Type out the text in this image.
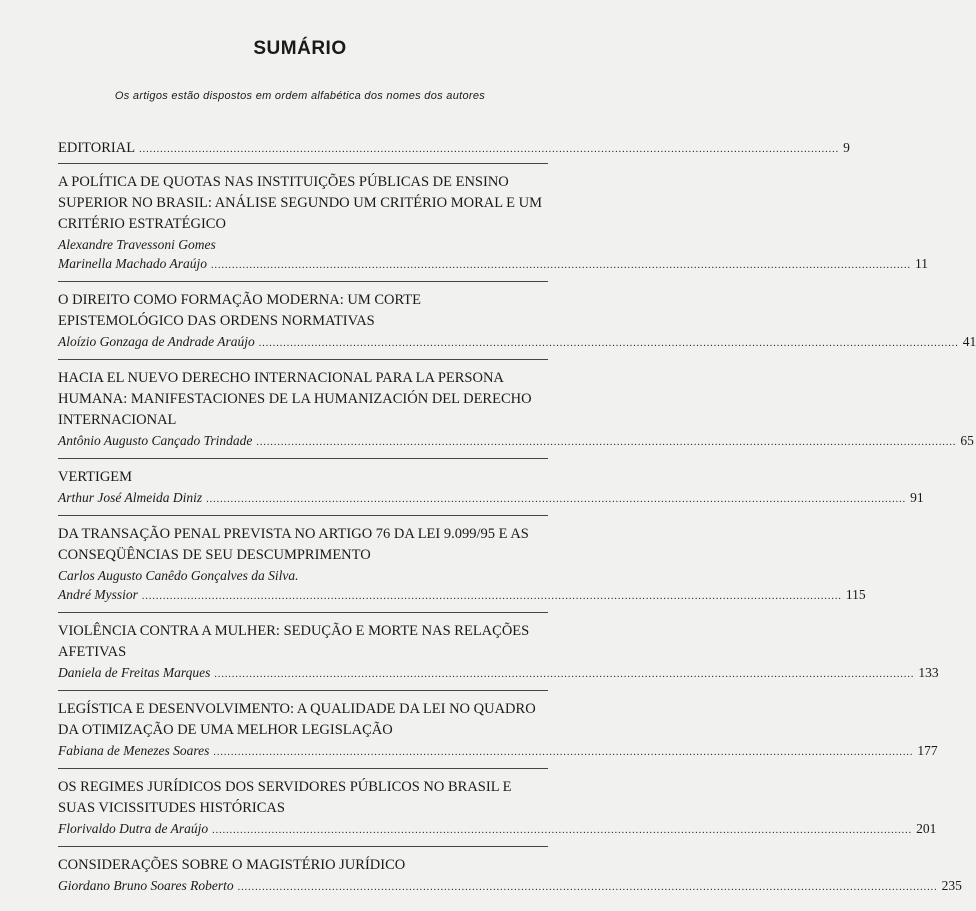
SUMÁRIO
Os artigos estão dispostos em ordem alfabética dos nomes dos autores
EDITORIAL ........................................................................................................................................................................................................ 9
A POLÍTICA DE QUOTAS NAS INSTITUIÇÕES PÚBLICAS DE ENSINO SUPERIOR NO BRASIL: ANÁLISE SEGUNDO UM CRITÉRIO MORAL E UM CRITÉRIO ESTRATÉGICO
Alexandre Travessoni Gomes
Marinella Machado Araújo ........................................................................................................................................................................................................ 11
O DIREITO COMO FORMAÇÃO MODERNA: UM CORTE EPISTEMOLÓGICO DAS ORDENS NORMATIVAS
Aloízio Gonzaga de Andrade Araújo ........................................................................................................................................................................................................ 41
HACIA EL NUEVO DERECHO INTERNACIONAL PARA LA PERSONA HUMANA: MANIFESTACIONES DE LA HUMANIZACIÓN DEL DERECHO INTERNACIONAL
Antônio Augusto Cançado Trindade ........................................................................................................................................................................................................ 65
VERTIGEM
Arthur José Almeida Diniz ........................................................................................................................................................................................................ 91
DA TRANSAÇÃO PENAL PREVISTA NO ARTIGO 76 DA LEI 9.099/95 E AS CONSEQÜÊNCIAS DE SEU DESCUMPRIMENTO
Carlos Augusto Canêdo Gonçalves da Silva.
André Myssior ........................................................................................................................................................................................................ 115
VIOLÊNCIA CONTRA A MULHER: SEDUÇÃO E MORTE NAS RELAÇÕES AFETIVAS
Daniela de Freitas Marques ........................................................................................................................................................................................................ 133
LEGÍSTICA E DESENVOLVIMENTO: A QUALIDADE DA LEI NO QUADRO DA OTIMIZAÇÃO DE UMA MELHOR LEGISLAÇÃO
Fabiana de Menezes Soares ........................................................................................................................................................................................................ 177
OS REGIMES JURÍDICOS DOS SERVIDORES PÚBLICOS NO BRASIL E SUAS VICISSITUDES HISTÓRICAS
Florivaldo Dutra de Araújo ........................................................................................................................................................................................................ 201
CONSIDERAÇÕES SOBRE O MAGISTÉRIO JURÍDICO
Giordano Bruno Soares Roberto ........................................................................................................................................................................................................ 235
